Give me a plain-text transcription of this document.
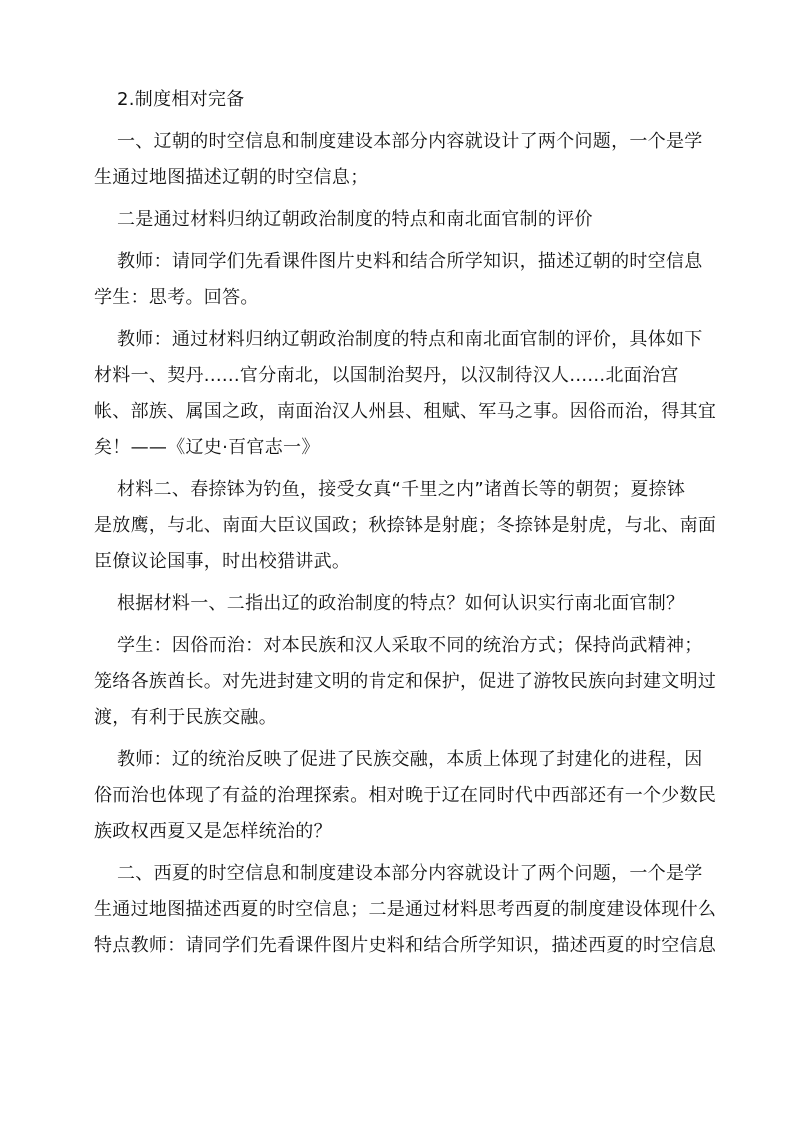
2.制度相对完备
一、辽朝的时空信息和制度建设本部分内容就设计了两个问题，一个是学
生通过地图描述辽朝的时空信息；
二是通过材料归纳辽朝政治制度的特点和南北面官制的评价
教师：请同学们先看课件图片史料和结合所学知识，描述辽朝的时空信息
学生：思考。回答。
教师：通过材料归纳辽朝政治制度的特点和南北面官制的评价，具体如下
材料一、契丹......官分南北，以国制治契丹，以汉制待汉人......北面治宫
帐、部族、属国之政，南面治汉人州县、租赋、军马之事。因俗而治，得其宜
矣！——《辽史·百官志一》
材料二、春捺钵为钓鱼，接受女真“千里之内”诸酋长等的朝贺；夏捺钵
是放鹰，与北、南面大臣议国政；秋捺钵是射鹿；冬捺钵是射虎，与北、南面
臣僚议论国事，时出校猎讲武。
根据材料一、二指出辽的政治制度的特点？如何认识实行南北面官制？
学生：因俗而治：对本民族和汉人采取不同的统治方式；保持尚武精神；
笼络各族酋长。对先进封建文明的肯定和保护，促进了游牧民族向封建文明过
渡，有利于民族交融。
教师：辽的统治反映了促进了民族交融，本质上体现了封建化的进程，因
俗而治也体现了有益的治理探索。相对晚于辽在同时代中西部还有一个少数民
族政权西夏又是怎样统治的？
二、西夏的时空信息和制度建设本部分内容就设计了两个问题，一个是学
生通过地图描述西夏的时空信息；二是通过材料思考西夏的制度建设体现什么
特点教师：请同学们先看课件图片史料和结合所学知识，描述西夏的时空信息
